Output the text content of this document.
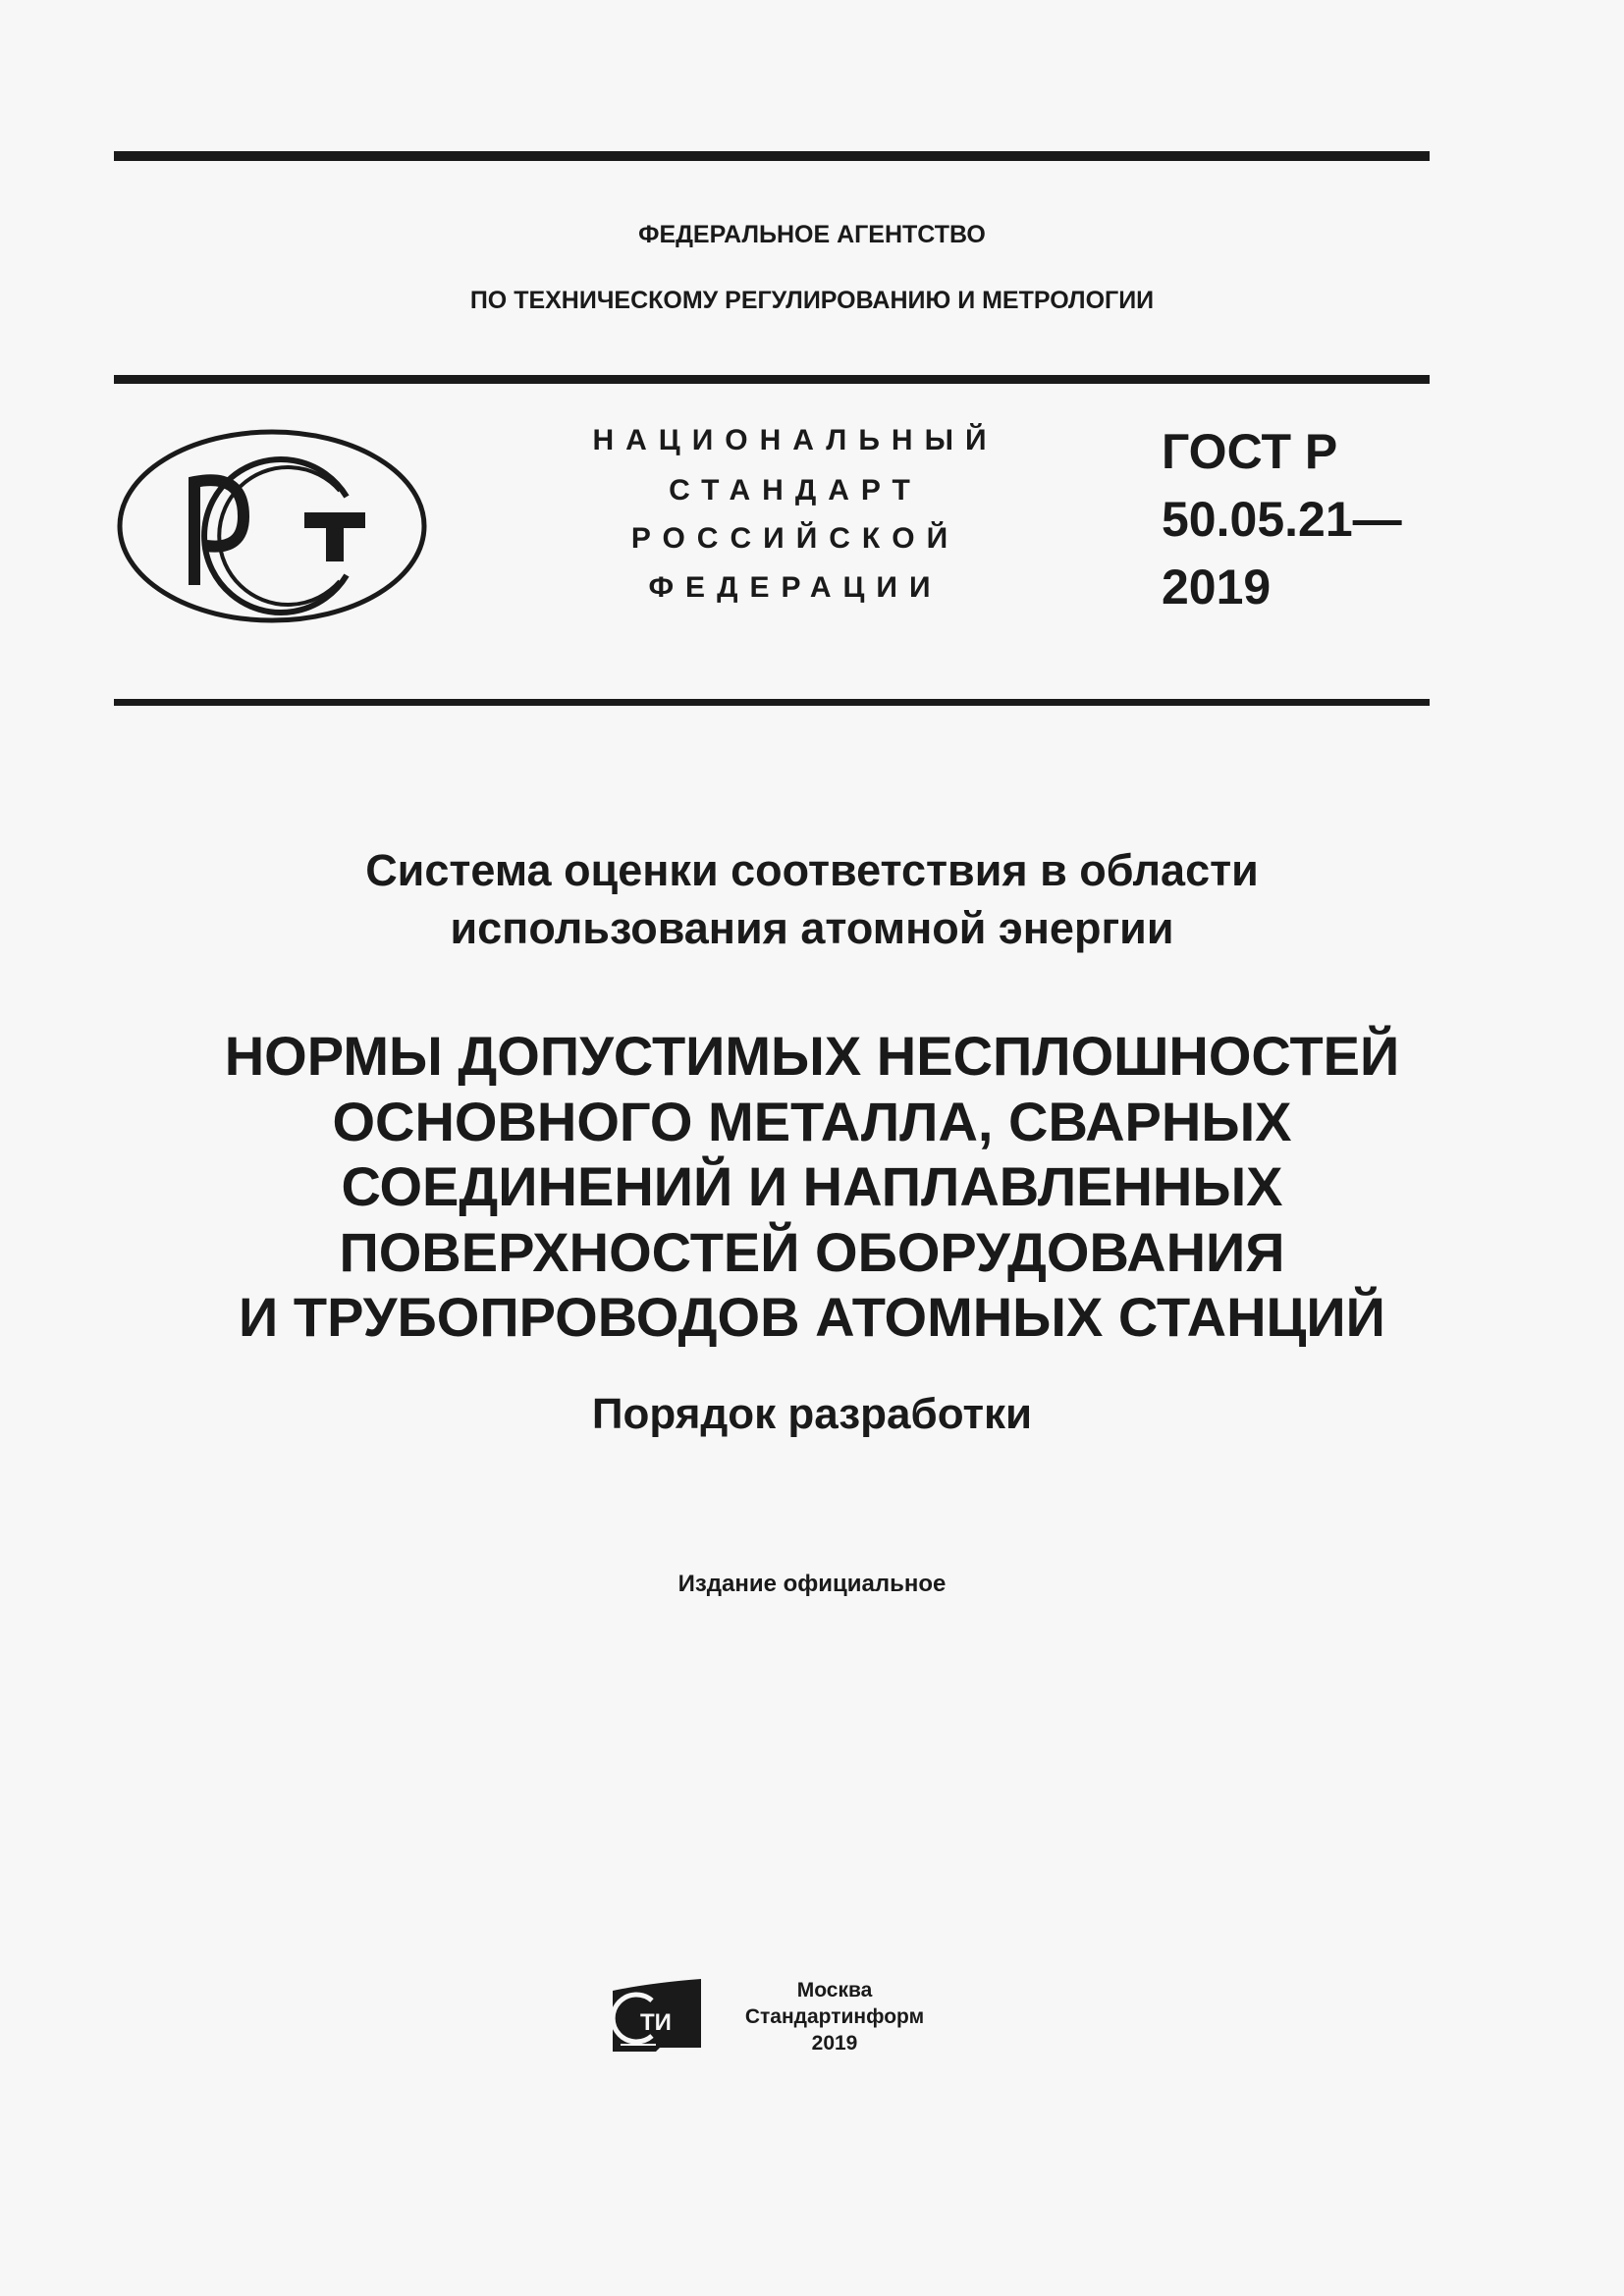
ФЕДЕРАЛЬНОЕ АГЕНТСТВО
ПО ТЕХНИЧЕСКОМУ РЕГУЛИРОВАНИЮ И МЕТРОЛОГИИ
НАЦИОНАЛЬНЫЙ
СТАНДАРТ
РОССИЙСКОЙ
ФЕДЕРАЦИИ
ГОСТ Р
50.05.21—
2019
Система оценки соответствия в области
использования атомной энергии
НОРМЫ ДОПУСТИМЫХ НЕСПЛОШНОСТЕЙ
ОСНОВНОГО МЕТАЛЛА, СВАРНЫХ
СОЕДИНЕНИЙ И НАПЛАВЛЕННЫХ
ПОВЕРХНОСТЕЙ ОБОРУДОВАНИЯ
И ТРУБОПРОВОДОВ АТОМНЫХ СТАНЦИЙ
Порядок разработки
Издание официальное
ТИ
Москва
Стандартинформ
2019
